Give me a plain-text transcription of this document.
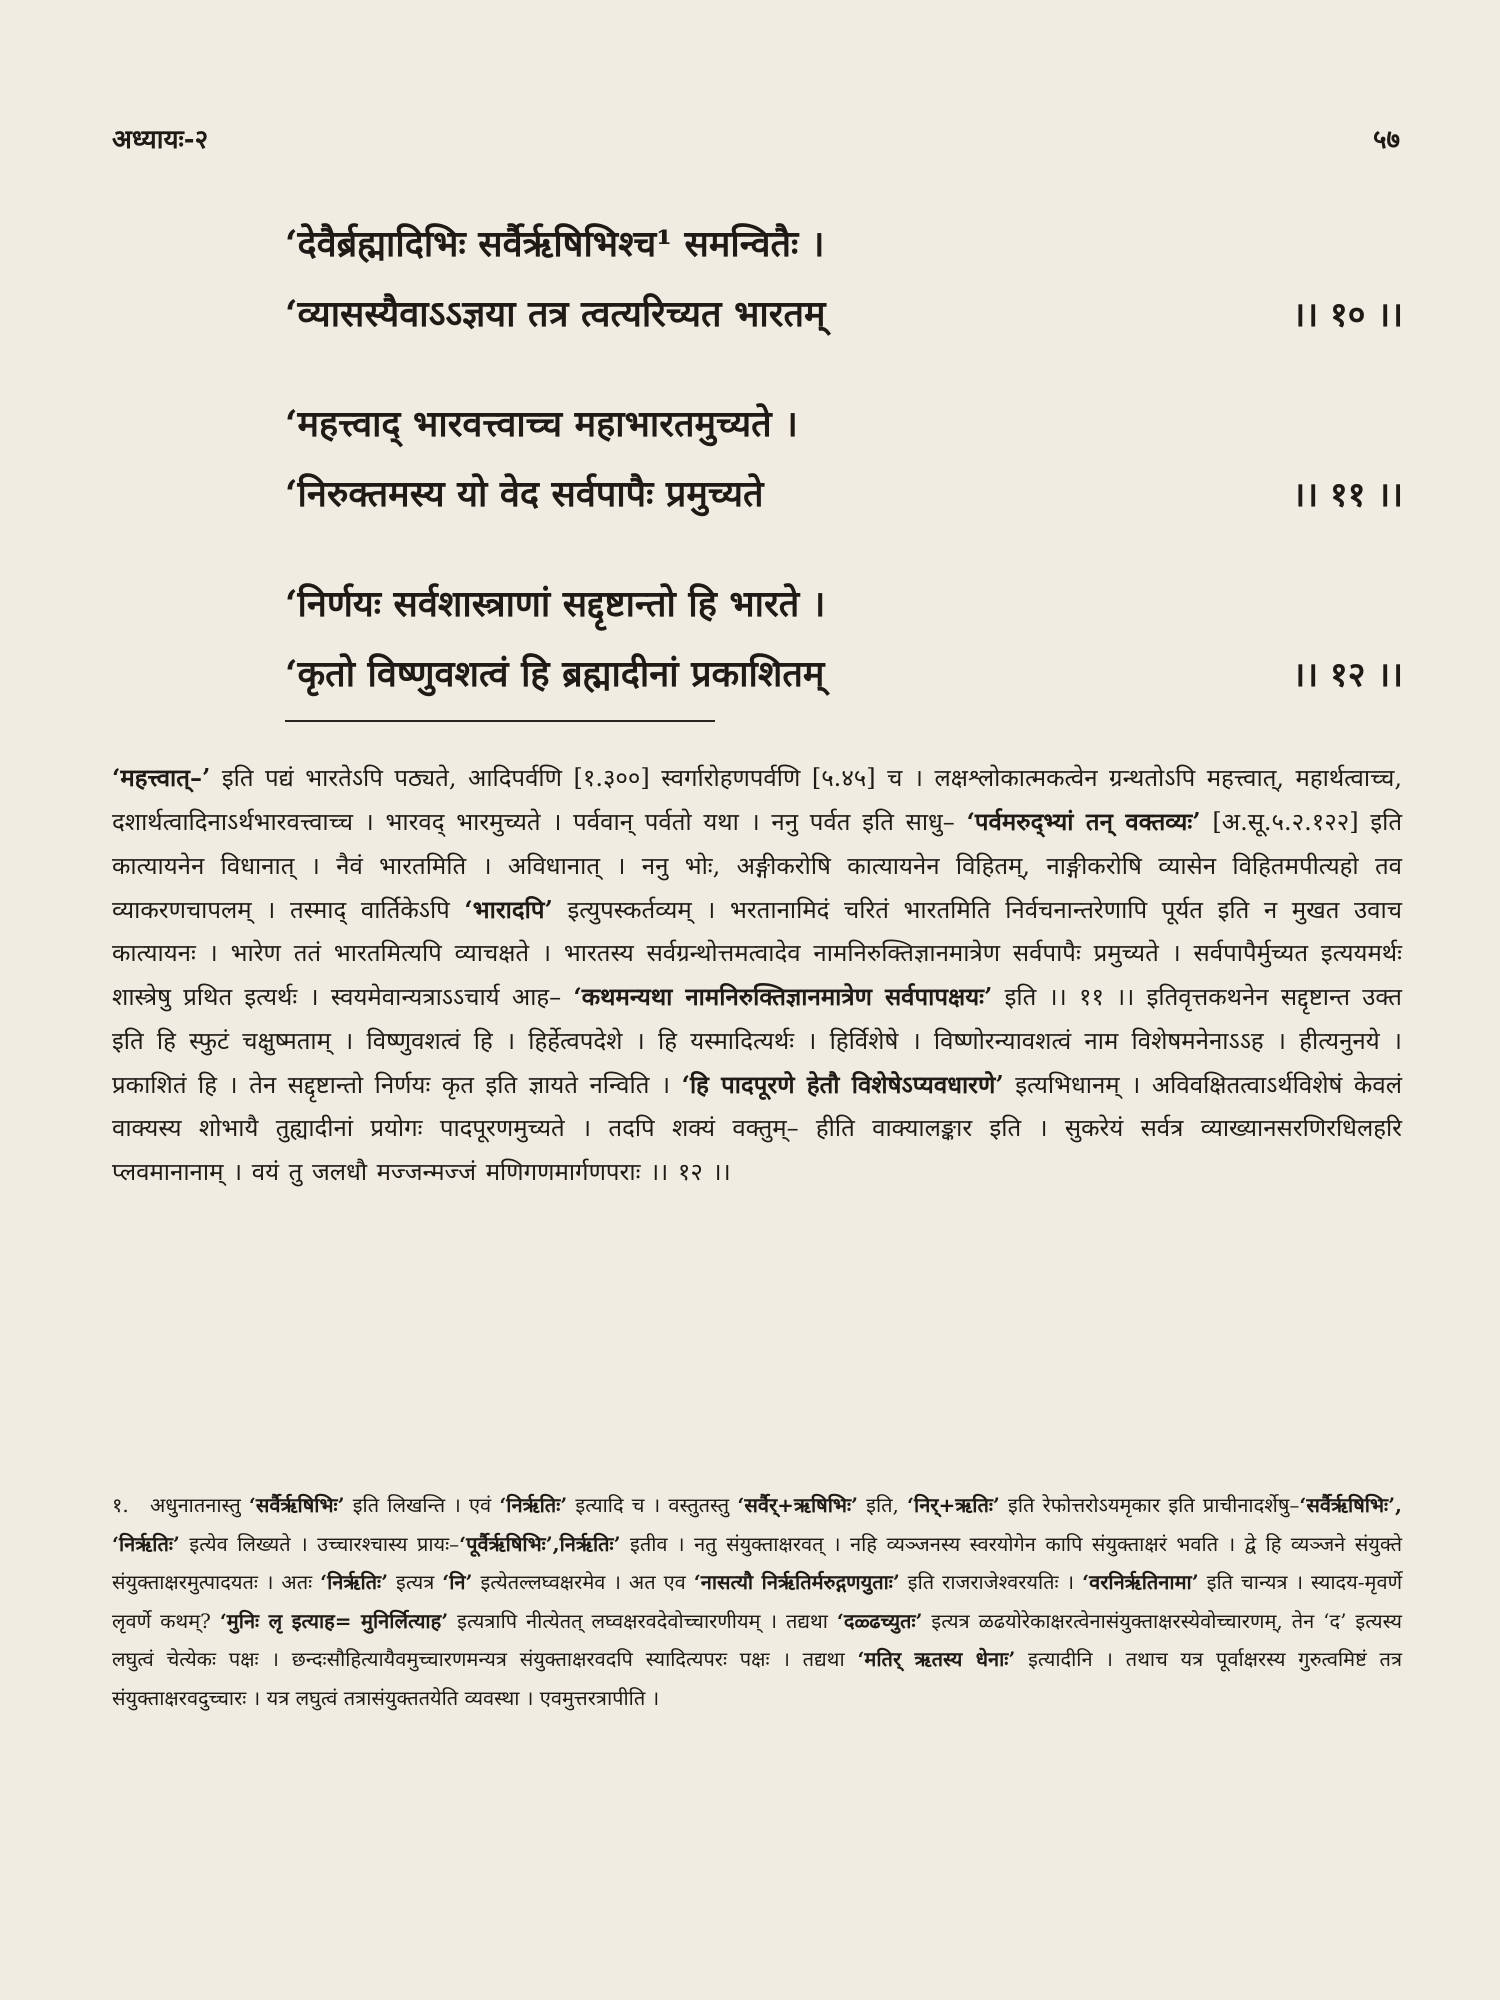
अध्यायः-२	५७
‘देवैर्ब्रह्मादिभिः सर्वैरृषिभिश्च¹ समन्वितैः ।
‘व्यासस्यैवाऽऽज्ञया तत्र त्वत्यरिच्यत भारतम्	।। १० ।।
‘महत्त्वाद् भारवत्त्वाच्च महाभारतमुच्यते ।
‘निरुक्तमस्य यो वेद सर्वपापैः प्रमुच्यते	।। ११ ।।
‘निर्णयः सर्वशास्त्राणां सद्दृष्टान्तो हि भारते ।
‘कृतो विष्णुवशत्वं हि ब्रह्मादीनां प्रकाशितम्	।। १२ ।।
‘महत्त्वात्–’ इति पद्यं भारतेऽपि पठ्यते, आदिपर्वणि [१.३००] स्वर्गारोहणपर्वणि [५.४५] च । लक्षश्लोकात्मकत्वेन ग्रन्थतोऽपि महत्त्वात्, महार्थत्वाच्च, दशार्थत्वादिनाऽर्थभारवत्त्वाच्च । भारवद् भारमुच्यते । पर्ववान् पर्वतो यथा । ननु पर्वत इति साधु– ‘पर्वमरुद्भ्यां तन् वक्तव्यः’ [अ.सू.५.२.१२२] इति कात्यायनेन विधानात् । नैवं भारतमिति । अविधानात् । ननु भोः, अङ्गीकरोषि कात्यायनेन विहितम्, नाङ्गीकरोषि व्यासेन विहितमपीत्यहो तव व्याकरणचापलम् । तस्माद् वार्तिकेऽपि ‘भारादपि’ इत्युपस्कर्तव्यम् । भरतानामिदं चरितं भारतमिति निर्वचनान्तरेणापि पूर्यत इति न मुखत उवाच कात्यायनः । भारेण ततं भारतमित्यपि व्याचक्षते । भारतस्य सर्वग्रन्थोत्तमत्वादेव नामनिरुक्तिज्ञानमात्रेण सर्वपापैः प्रमुच्यते । सर्वपापैर्मुच्यत इत्ययमर्थः शास्त्रेषु प्रथित इत्यर्थः । स्वयमेवान्यत्राऽऽचार्य आह– ‘कथमन्यथा नामनिरुक्तिज्ञानमात्रेण सर्वपापक्षयः’ इति ।। ११ ।। इतिवृत्तकथनेन सद्दृष्टान्त उक्त इति हि स्फुटं चक्षुष्मताम् । विष्णुवशत्वं हि । हिर्हेत्वपदेशे । हि यस्मादित्यर्थः । हिर्विशेषे । विष्णोरन्यावशत्वं नाम विशेषमनेनाऽऽह । हीत्यनुनये । प्रकाशितं हि । तेन सद्दृष्टान्तो निर्णयः कृत इति ज्ञायते नन्विति । ‘हि पादपूरणे हेतौ विशेषेऽप्यवधारणे’ इत्यभिधानम् । अविवक्षितत्वाऽर्थविशेषं केवलं वाक्यस्य शोभायै तुह्यादीनां प्रयोगः पादपूरणमुच्यते । तदपि शक्यं वक्तुम्– हीति वाक्यालङ्कार इति । सुकरेयं सर्वत्र व्याख्यानसरणिरधिलहरि प्लवमानानाम् । वयं तु जलधौ मज्जन्मज्जं मणिगणमार्गणपराः ।। १२ ।।
१. अधुनातनास्तु ‘सर्वैर्ऋषिभिः’ इति लिखन्ति । एवं ‘निर्ऋतिः’ इत्यादि च । वस्तुतस्तु ‘सर्वैर्+ऋषिभिः’ इति, ‘निर्+ऋतिः’ इति रेफोत्तरोऽयमृकार इति प्राचीनादर्शेषु–‘सर्वैरृषिभिः’, ‘निरृतिः’ इत्येव लिख्यते । उच्चारश्चास्य प्रायः–‘पूर्वैर्ऋषिभिः’,निर्ऋतिः’ इतीव । नतु संयुक्ताक्षरवत् । नहि व्यञ्जनस्य स्वरयोगेन कापि संयुक्ताक्षरं भवति । द्वे हि व्यञ्जने संयुक्ते संयुक्ताक्षरमुत्पादयतः । अतः ‘निरृतिः’ इत्यत्र ‘नि’ इत्येतल्लघ्वक्षरमेव । अत एव ‘नासत्यौ निरृतिर्मरुद्गणयुताः’ इति राजराजेश्वरयतिः । ‘वरनिरृतिनामा’ इति चान्यत्र । स्यादय-मृवर्णे लृवर्णे कथम्? ‘मुनिः लृ इत्याह= मुनिर्लित्याह’ इत्यत्रापि नीत्येतत् लघ्वक्षरवदेवोच्चारणीयम् । तद्यथा ‘दळ्ढच्युतः’ इत्यत्र ळढयोरेकाक्षरत्वेनासंयुक्ताक्षरस्येवोच्चारणम्, तेन ‘द’ इत्यस्य लघुत्वं चेत्येकः पक्षः । छन्दःसौहित्यायैवमुच्चारणमन्यत्र संयुक्ताक्षरवदपि स्यादित्यपरः पक्षः । तद्यथा ‘मतिर् ऋतस्य धेनाः’ इत्यादीनि । तथाच यत्र पूर्वाक्षरस्य गुरुत्वमिष्टं तत्र संयुक्ताक्षरवदुच्चारः । यत्र लघुत्वं तत्रासंयुक्ततयेति व्यवस्था । एवमुत्तरत्रापीति ।
